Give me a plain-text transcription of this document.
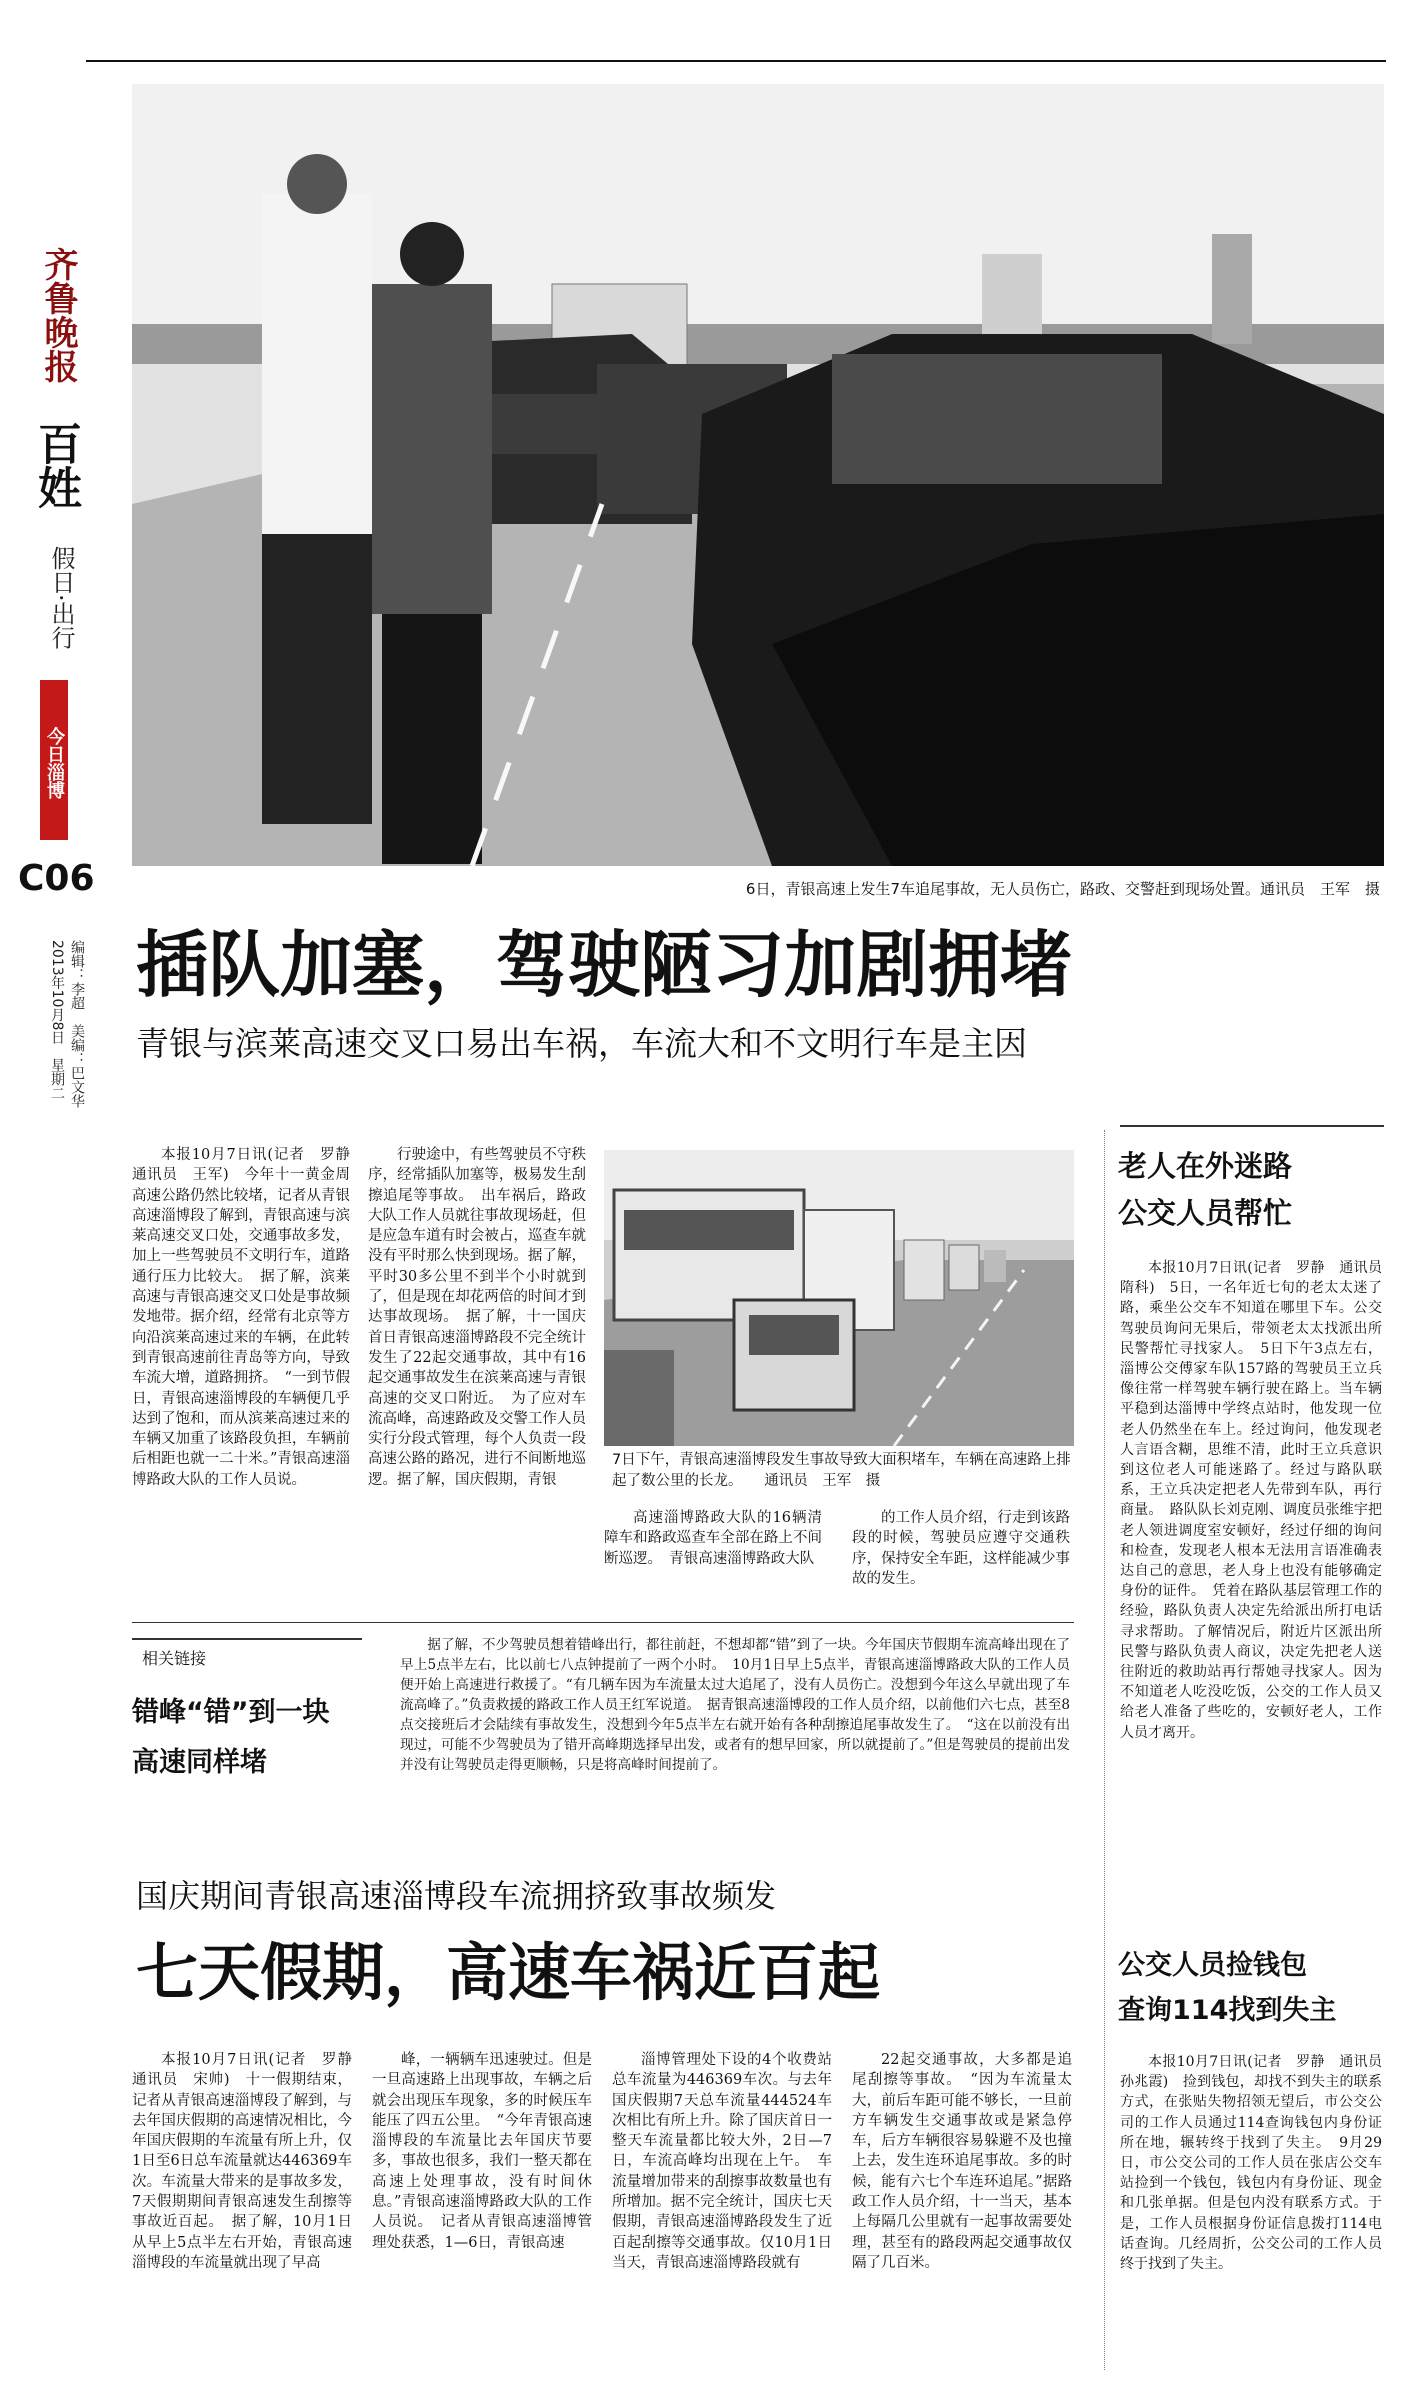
齐鲁晚报
百姓
假日·出行
今日淄博
C06
2013年10月8日　星期二 编辑：李超　美编：巴文华
6日，青银高速上发生7车追尾事故，无人员伤亡，路政、交警赶到现场处置。通讯员　王军　摄
插队加塞，驾驶陋习加剧拥堵
青银与滨莱高速交叉口易出车祸，车流大和不文明行车是主因
本报10月7日讯(记者　罗静　通讯员　王军)　今年十一黄金周高速公路仍然比较堵，记者从青银高速淄博段了解到，青银高速与滨莱高速交叉口处，交通事故多发，加上一些驾驶员不文明行车，道路通行压力比较大。　据了解，滨莱高速与青银高速交叉口处是事故频发地带。据介绍，经常有北京等方向沿滨莱高速过来的车辆，在此转到青银高速前往青岛等方向，导致车流大增，道路拥挤。　“一到节假日，青银高速淄博段的车辆便几乎达到了饱和，而从滨莱高速过来的车辆又加重了该路段负担，车辆前后相距也就一二十米。”青银高速淄博路政大队的工作人员说。
行驶途中，有些驾驶员不守秩序，经常插队加塞等，极易发生刮擦追尾等事故。　出车祸后，路政大队工作人员就往事故现场赶，但是应急车道有时会被占，巡查车就没有平时那么快到现场。据了解，平时30多公里不到半个小时就到了，但是现在却花两倍的时间才到达事故现场。　据了解，十一国庆首日青银高速淄博路段不完全统计发生了22起交通事故，其中有16起交通事故发生在滨莱高速与青银高速的交叉口附近。　为了应对车流高峰，高速路政及交警工作人员实行分段式管理，每个人负责一段高速公路的路况，进行不间断地巡逻。据了解，国庆假期，青银
7日下午，青银高速淄博段发生事故导致大面积堵车，车辆在高速路上排起了数公里的长龙。　　通讯员　王军　摄
高速淄博路政大队的16辆清障车和路政巡查车全部在路上不间断巡逻。　青银高速淄博路政大队
的工作人员介绍，行走到该路段的时候，驾驶员应遵守交通秩序，保持安全车距，这样能减少事故的发生。
相关链接
错峰“错”到一块
高速同样堵
据了解，不少驾驶员想着错峰出行，都往前赶，不想却都“错”到了一块。今年国庆节假期车流高峰出现在了早上5点半左右，比以前七八点钟提前了一两个小时。　10月1日早上5点半，青银高速淄博路政大队的工作人员便开始上高速进行救援了。“有几辆车因为车流量太过大追尾了，没有人员伤亡。没想到今年这么早就出现了车流高峰了。”负责救援的路政工作人员王红军说道。　据青银高速淄博段的工作人员介绍，以前他们六七点，甚至8点交接班后才会陆续有事故发生，没想到今年5点半左右就开始有各种刮擦追尾事故发生了。　“这在以前没有出现过，可能不少驾驶员为了错开高峰期选择早出发，或者有的想早回家，所以就提前了。”但是驾驶员的提前出发并没有让驾驶员走得更顺畅，只是将高峰时间提前了。
国庆期间青银高速淄博段车流拥挤致事故频发
七天假期，高速车祸近百起
本报10月7日讯(记者　罗静　通讯员　宋帅)　十一假期结束，记者从青银高速淄博段了解到，与去年国庆假期的高速情况相比，今年国庆假期的车流量有所上升，仅1日至6日总车流量就达446369车次。车流量大带来的是事故多发，7天假期期间青银高速发生刮擦等事故近百起。　据了解，10月1日从早上5点半左右开始，青银高速淄博段的车流量就出现了早高
峰，一辆辆车迅速驶过。但是一旦高速路上出现事故，车辆之后就会出现压车现象，多的时候压车能压了四五公里。　“今年青银高速淄博段的车流量比去年国庆节要多，事故也很多，我们一整天都在高速上处理事故，没有时间休息。”青银高速淄博路政大队的工作人员说。　记者从青银高速淄博管理处获悉，1—6日，青银高速
淄博管理处下设的4个收费站总车流量为446369车次。与去年国庆假期7天总车流量444524车次相比有所上升。除了国庆首日一整天车流量都比较大外，2日—7日，车流高峰均出现在上午。　车流量增加带来的刮擦事故数量也有所增加。据不完全统计，国庆七天假期，青银高速淄博路段发生了近百起刮擦等交通事故。仅10月1日当天，青银高速淄博路段就有
22起交通事故，大多都是追尾刮擦等事故。　“因为车流量太大，前后车距可能不够长，一旦前方车辆发生交通事故或是紧急停车，后方车辆很容易躲避不及也撞上去，发生连环追尾事故。多的时候，能有六七个车连环追尾。”据路政工作人员介绍，十一当天，基本上每隔几公里就有一起事故需要处理，甚至有的路段两起交通事故仅隔了几百米。
老人在外迷路
公交人员帮忙
本报10月7日讯(记者　罗静　通讯员　隋科)　5日，一名年近七旬的老太太迷了路，乘坐公交车不知道在哪里下车。公交驾驶员询问无果后，带领老太太找派出所民警帮忙寻找家人。　5日下午3点左右，淄博公交傅家车队157路的驾驶员王立兵像往常一样驾驶车辆行驶在路上。当车辆平稳到达淄博中学终点站时，他发现一位老人仍然坐在车上。经过询问，他发现老人言语含糊，思维不清，此时王立兵意识到这位老人可能迷路了。经过与路队联系，王立兵决定把老人先带到车队，再行商量。　路队队长刘克刚、调度员张维宇把老人领进调度室安顿好，经过仔细的询问和检查，发现老人根本无法用言语准确表达自己的意思，老人身上也没有能够确定身份的证件。　凭着在路队基层管理工作的经验，路队负责人决定先给派出所打电话寻求帮助。了解情况后，附近片区派出所民警与路队负责人商议，决定先把老人送往附近的救助站再行帮她寻找家人。因为不知道老人吃没吃饭，公交的工作人员又给老人准备了些吃的，安顿好老人，工作人员才离开。
公交人员捡钱包
查询114找到失主
本报10月7日讯(记者　罗静　通讯员　孙兆霞)　捡到钱包，却找不到失主的联系方式，在张贴失物招领无望后，市公交公司的工作人员通过114查询钱包内身份证所在地，辗转终于找到了失主。　9月29日，市公交公司的工作人员在张店公交车站捡到一个钱包，钱包内有身份证、现金和几张单据。但是包内没有联系方式。于是，工作人员根据身份证信息拨打114电话查询。几经周折，公交公司的工作人员终于找到了失主。
